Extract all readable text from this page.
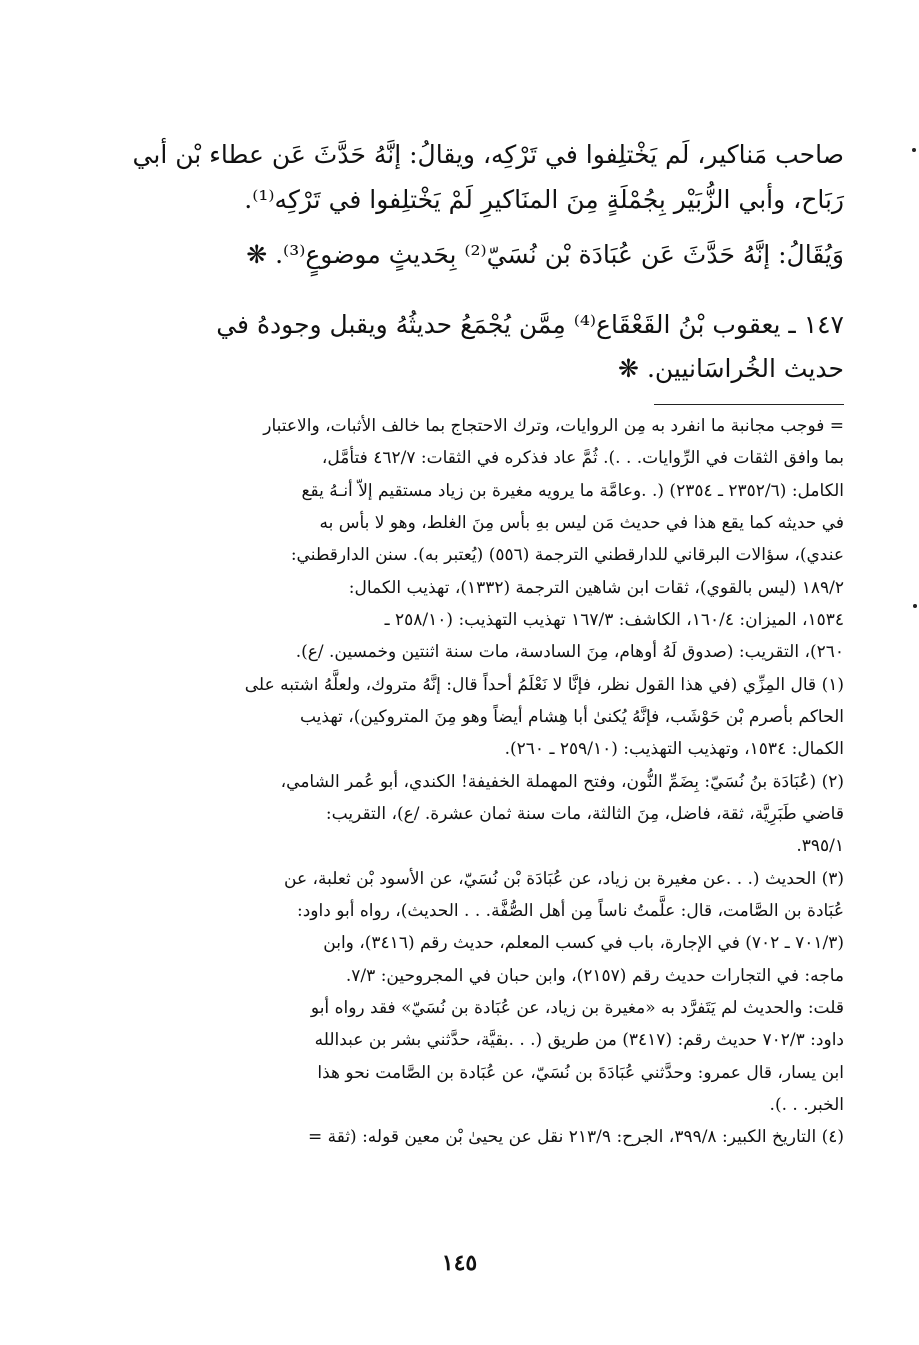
صاحب مَناكير، لَم يَخْتلِفوا في تَرْكِه، ويقالُ: إنَّهُ حَدَّثَ عَن عطاء بْن أبي

رَبَاح، وأبي الزُّبَيْر بِجُمْلَةٍ مِنَ المنَاكيرِ لَمْ يَخْتلِفوا في تَرْكِه⁽¹⁾.

وَيُقَالُ: إنَّهُ حَدَّثَ عَن عُبَادَة بْن نُسَيّ⁽²⁾ بِحَديثٍ موضوعٍ⁽³⁾. ❋

١٤٧ ـ يعقوب بْنُ القَعْقَاع⁽⁴⁾ مِمَّن يُجْمَعُ حديثُهُ ويقبل وجودهُ في

حديث الخُراسَانيين. ❋

= فوجب مجانبة ما انفرد به مِن الروايات، وترك الاحتجاج بما خالف الأثبات، والاعتبار

بما وافق الثقات في الرِّوايات. . .). ثُمَّ عاد فذكره في الثقات: ٤٦٢/٧ فتأمَّل،

الكامل: (٢٣٥٢/٦ ـ ٢٣٥٤) (. .وعامَّة ما يرويه مغيرة بن زياد مستقيم إلاّ أنـهُ يقع

في حديثه كما يقع هذا في حديث مَن ليس بهِ بأس مِنَ الغلط، وهو لا بأس به

عندي)، سؤالات البرقاني للدارقطني الترجمة (٥٥٦) (يُعتبر به). سنن الدارقطني:

١٨٩/٢ (ليس بالقوي)، ثقات ابن شاهين الترجمة (١٣٣٢)، تهذيب الكمال:

١٥٣٤، الميزان: ١٦٠/٤، الكاشف: ١٦٧/٣ تهذيب التهذيب: (٢٥٨/١٠ ـ

٢٦٠)، التقريب: (صدوق لَهُ أوهام، مِنَ السادسة، مات سنة اثنتين وخمسين. /ع).

(١) قال المِزِّي (في هذا القول نظر، فإنَّا لا نَعْلَمُ أحداً قال: إنَّهُ متروك، ولعلَّهُ اشتبه على

الحاكم بأصرم بْن حَوْشَب، فإنَّهُ يُكنىٰ أبا هِشام أيضاً وهو مِنَ المتروكين)، تهذيب

الكمال: ١٥٣٤، وتهذيب التهذيب: (٢٥٩/١٠ ـ ٢٦٠).

(٢) (عُبَادَة بنُ نُسَيّ: بِضَمِّ النُّون، وفتح المهملة الخفيفة! الكندي، أبو عُمر الشامي،

قاضي طَبَرِيَّة، ثقة، فاضل، مِنَ الثالثة، مات سنة ثمان عشرة. /ع)، التقريب:

٣٩٥/١.

(٣) الحديث (. . .عن مغيرة بن زياد، عن عُبَادَة بْن نُسَيّ، عن الأسود بْن ثعلبة، عن

عُبَادة بن الصَّامت، قال: علَّمتُ ناساً مِن أهل الصُّفَّة. . . الحديث)، رواه أبو داود:

(٧٠١/٣ ـ ٧٠٢) في الإجارة، باب في كسب المعلم، حديث رقم (٣٤١٦)، وابن

ماجه: في التجارات حديث رقم (٢١٥٧)، وابن حبان في المجروحين: ٧/٣.

قلت: والحديث لم يَتَفرَّد به «مغيرة بن زياد، عن عُبَادة بن نُسَيّ» فقد رواه أبو

داود: ٧٠٢/٣ حديث رقم: (٣٤١٧) من طريق (. . .بقيَّة، حدَّثني بشر بن عبدالله

ابن يسار، قال عمرو: وحدَّثني عُبَادَةَ بن نُسَيّ، عن عُبَادة بن الصَّامت نحو هذا

الخبر. . .).

(٤) التاريخ الكبير: ٣٩٩/٨، الجرح: ٢١٣/٩ نقل عن يحيىٰ بْن معين قوله: (ثقة =

١٤٥
